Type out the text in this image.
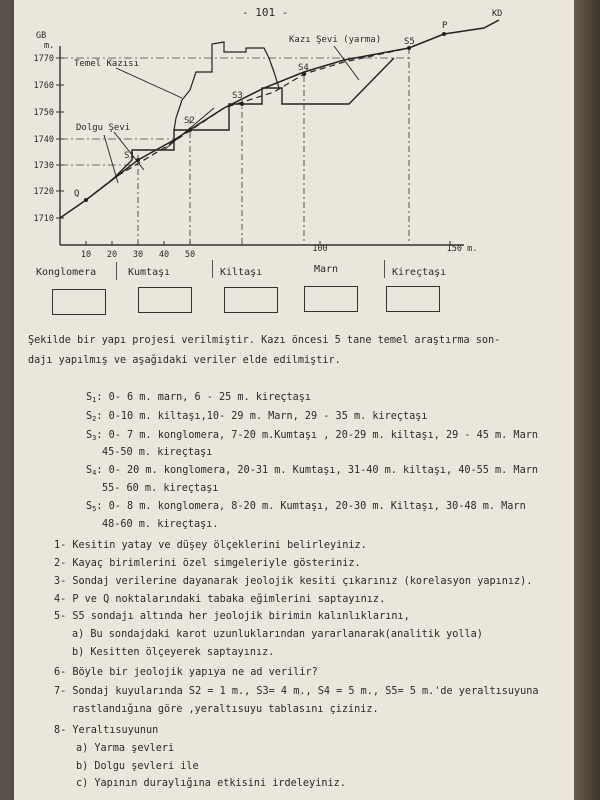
- 101 -
1770
1760
1750
1740
1730
1720
1710
GB
m.
KD
10 20 30 40 50
100	150 m.
Temel Kazısı
Dolgu Şevi
Kazı Şevi (yarma)
Q
P
S1
S2
S3
S4
S5
Konglomera	Kumtaşı	Kiltaşı	Marn	Kireçtaşı
Şekilde bir yapı projesi verilmiştir. Kazı öncesi 5 tane temel araştırma son-
dajı yapılmış ve aşağıdaki veriler elde edilmiştir.
$S_1$: 0- 6 m. marn, 6 - 25 m. kireçtaşı
$S_2$: 0-10 m. kiltaşı,10- 29 m. Marn, 29 - 35 m. kireçtaşı
$S_3$: 0- 7 m. konglomera, 7-20 m.Kumtaşı , 20-29 m. kiltaşı, 29 - 45 m. Marn
45-50 m. kireçtaşı
$S_4$: 0- 20 m. konglomera, 20-31 m. Kumtaşı, 31-40 m. kiltaşı, 40-55 m. Marn
55- 60 m. kireçtaşı
$S_5$: 0- 8 m. konglomera, 8-20 m. Kumtaşı, 20-30 m. Kiltaşı, 30-48 m. Marn
48-60 m. kireçtaşı.
1- Kesitin yatay ve düşey ölçeklerini belirleyiniz.
2- Kayaç birimlerini özel simgeleriyle gösteriniz.
3- Sondaj verilerine dayanarak jeolojik kesiti çıkarınız (korelasyon yapınız).
4- P ve Q noktalarındaki tabaka eğimlerini saptayınız.
5- S5 sondajı altında her jeolojik birimin kalınlıklarını,
a) Bu sondajdaki karot uzunluklarından yararlanarak(analitik yolla)
b) Kesitten ölçeyerek saptayınız.
6- Böyle bir jeolojik yapıya ne ad verilir?
7- Sondaj kuyularında S2 = 1 m., S3= 4 m., S4 = 5 m., S5= 5 m.'de yeraltısuyuna
rastlandığına göre ,yeraltısuyu tablasını çiziniz.
8- Yeraltısuyunun
a) Yarma şevleri
b) Dolgu şevleri ile
c) Yapının duraylığına etkisini irdeleyiniz.
